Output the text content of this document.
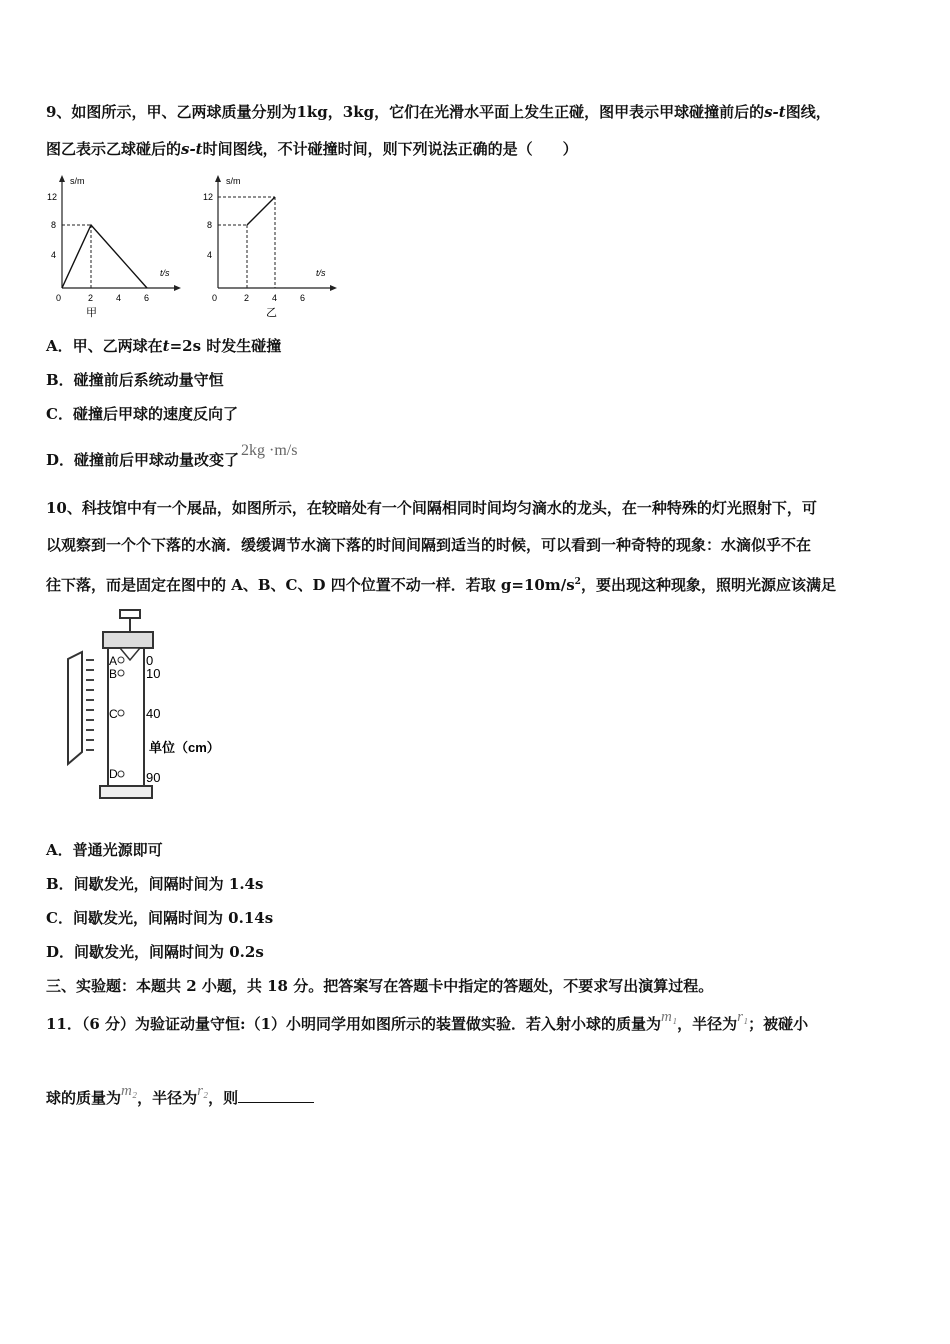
9、如图所示，甲、乙两球质量分别为1kg，3kg，它们在光滑水平面上发生正碰，图甲表示甲球碰撞前后的s-t图线，
图乙表示乙球碰后的s-t时间图线，不计碰撞时间，则下列说法正确的是（　　）
s/m
t/s
12
8
4
0	2	4	6
甲
s/m
t/s
12
8
4
0	2	4	6
乙
A．甲、乙两球在t=2s 时发生碰撞
B．碰撞前后系统动量守恒
C．碰撞后甲球的速度反向了
D．碰撞前后甲球动量改变了2kg ·m/s
10、科技馆中有一个展品，如图所示，在较暗处有一个间隔相同时间均匀滴水的龙头，在一种特殊的灯光照射下，可
以观察到一个个下落的水滴．缓缓调节水滴下落的时间间隔到适当的时候，可以看到一种奇特的现象：水滴似乎不在
往下落，而是固定在图中的 A、B、C、D 四个位置不动一样．若取 $g=10m/s^2$，要出现这种现象，照明光源应该满足
A
B
C
D
0
10
40
90
单位（cm）
A．普通光源即可
B．间歇发光，间隔时间为 1.4s
C．间歇发光，间隔时间为 0.14s
D．间歇发光，间隔时间为 0.2s
三、实验题：本题共 2 小题，共 18 分。把答案写在答题卡中指定的答题处，不要求写出演算过程。
11．（6 分）为验证动量守恒:（1）小明同学用如图所示的装置做实验．若入射小球的质量为m₁，半径为r₁；被碰小
球的质量为m₂，半径为r₂，则
